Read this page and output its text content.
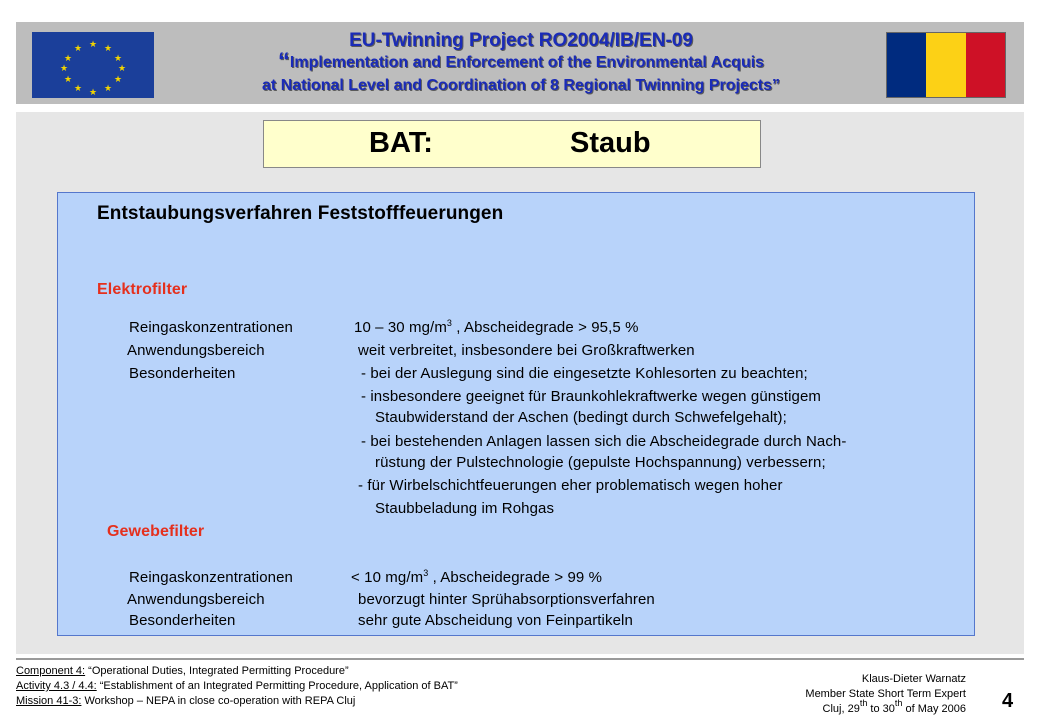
★ ★
★
★
★
★
★
★
★
★
★
★	EU-Twinning Project RO2004/IB/EN-09
“Implementation and Enforcement of the Environmental Acquis
at National Level and Coordination of 8 Regional Twinning Projects”
BAT:	Staub
Entstaubungsverfahren Feststofffeuerungen
Elektrofilter
Reingaskonzentrationen	10 – 30 $mg/m^3$ , Abscheidegrade > 95,5 %
Anwendungsbereich	weit verbreitet, insbesondere bei Großkraftwerken
Besonderheiten	- bei der Auslegung sind die eingesetzte Kohlesorten zu beachten;
- insbesondere geeignet für Braunkohlekraftwerke wegen günstigem
Staubwiderstand der Aschen (bedingt durch Schwefelgehalt);
- bei bestehenden Anlagen lassen sich die Abscheidegrade durch Nach-
rüstung der Pulstechnologie (gepulste Hochspannung) verbessern;
- für Wirbelschichtfeuerungen eher problematisch wegen hoher
Staubbeladung im Rohgas
Gewebefilter
Reingaskonzentrationen	< 10 $mg/m^3$ , Abscheidegrade > 99 %
Anwendungsbereich	bevorzugt hinter Sprühabsorptionsverfahren
Besonderheiten	sehr gute Abscheidung von Feinpartikeln
Component 4: “Operational Duties, Integrated Permitting Procedure”
Activity 4.3 / 4.4: “Establishment of an Integrated Permitting Procedure, Application of BAT”
Mission 41-3: Workshop – NEPA in close co-operation with REPA Cluj
Klaus-Dieter Warnatz
Member State Short Term Expert
Cluj, 29th to 30th of May 2006 4
